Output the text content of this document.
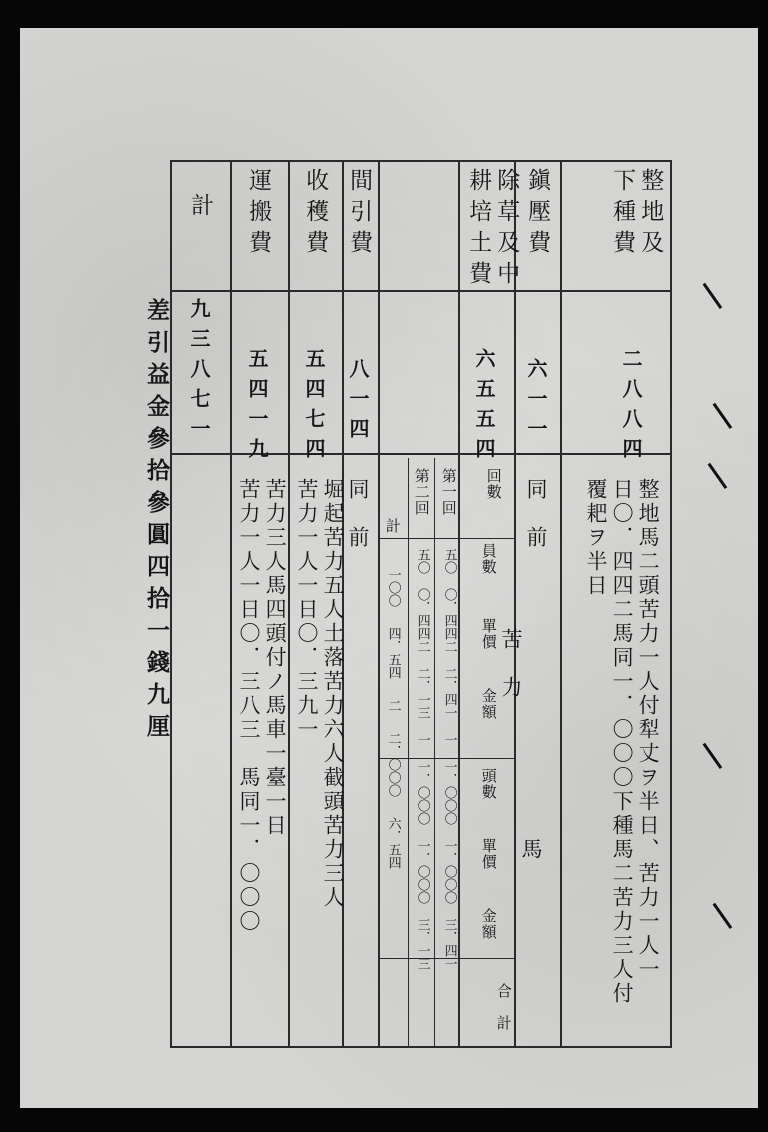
整地及
下種費
二八八四
整地馬二頭苦力一人付犁丈ヲ半日、苦力一人一
日〇．四四二馬同一．〇〇〇下種馬二苦力三人付
覆耙ヲ半日
鎭壓費
六一一
同　前
除草及中
耕培土費
六五五四
回數
苦　力
馬
合　計
員數
單價
金額
頭數
單價
金額
第一回
五〇
〇．四四二
二．四一
一
一．〇〇〇
一．〇〇〇
三．四一
第二回
五〇
〇．四四二
二．一三
一
一．〇〇〇
一．〇〇〇
三．一三
計
一〇〇
四．五四
二
二．〇〇〇
六．五四
間引費
八一四
同　前
收穫費
五四七四
堀起苦力五人土落苦力六人截頭苦力三人
苦力一人一日〇．三九一
運搬費
五四一九
苦力三人馬四頭付ノ馬車一臺一日
苦力一人一日〇．三八三　馬同一．〇〇〇
計
九三八七一
差引益金參拾參圓四拾一錢九厘
